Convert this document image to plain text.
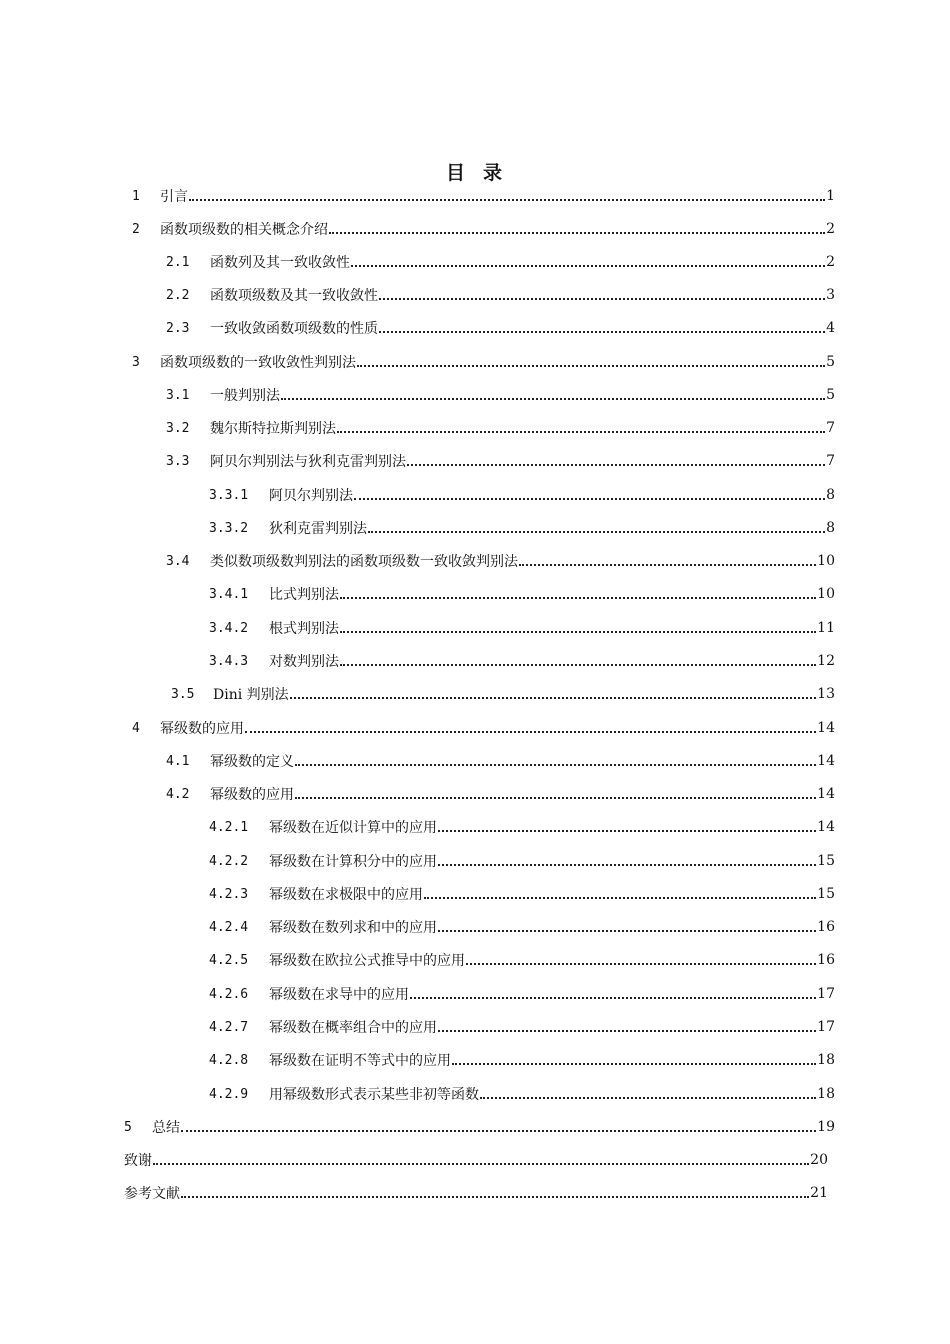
目 录
1	引言	1
2	函数项级数的相关概念介绍	2
2.1	函数列及其一致收敛性	2
2.2	函数项级数及其一致收敛性	3
2.3	一致收敛函数项级数的性质	4
3	函数项级数的一致收敛性判别法	5
3.1	一般判别法	5
3.2	魏尔斯特拉斯判别法	7
3.3	阿贝尔判别法与狄利克雷判别法	7
3.3.1	阿贝尔判别法	8
3.3.2	狄利克雷判别法	8
3.4	类似数项级数判别法的函数项级数一致收敛判别法	10
3.4.1	比式判别法	10
3.4.2	根式判别法	11
3.4.3	对数判别法	12
3.5	Dini 判别法	13
4	幂级数的应用	14
4.1	幂级数的定义	14
4.2	幂级数的应用	14
4.2.1	幂级数在近似计算中的应用	14
4.2.2	幂级数在计算积分中的应用	15
4.2.3	幂级数在求极限中的应用	15
4.2.4	幂级数在数列求和中的应用	16
4.2.5	幂级数在欧拉公式推导中的应用	16
4.2.6	幂级数在求导中的应用	17
4.2.7	幂级数在概率组合中的应用	17
4.2.8	幂级数在证明不等式中的应用	18
4.2.9	用幂级数形式表示某些非初等函数	18
5	总结	19
致谢	20
参考文献	21
